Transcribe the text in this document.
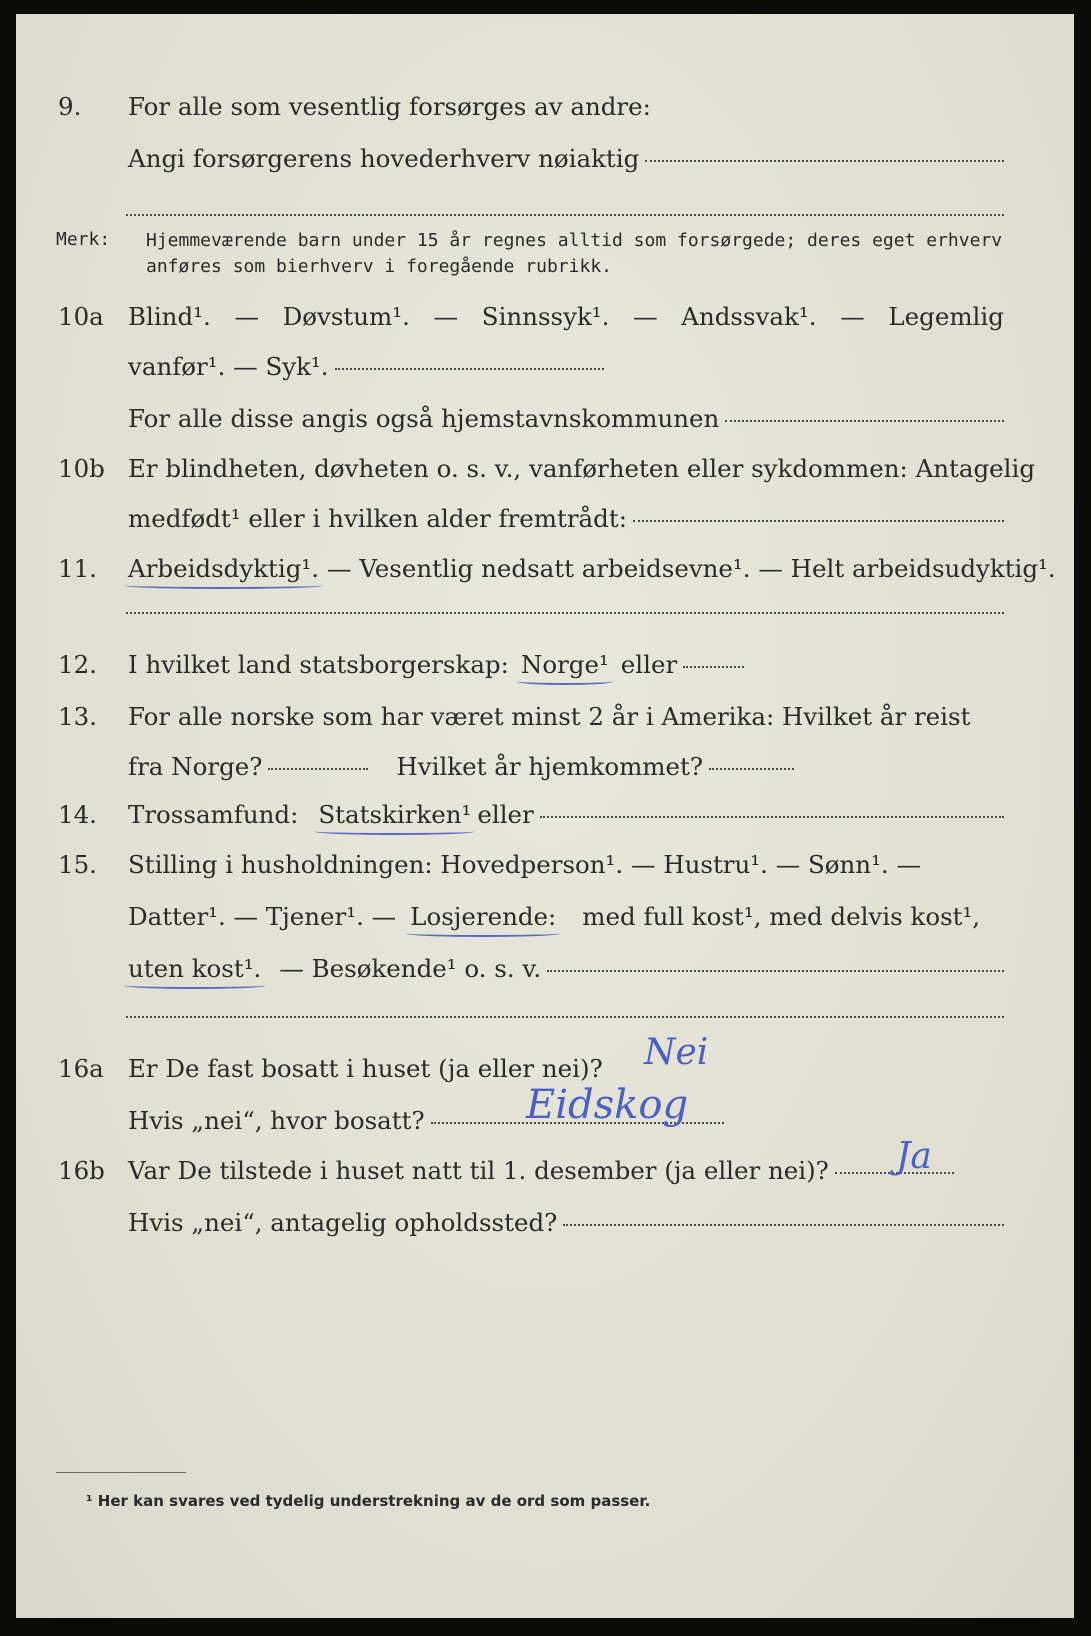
9. For alle som vesentlig forsørges av andre:
Angi forsørgerens hovederhverv nøiaktig
Merk: Hjemmeværende barn under 15 år regnes alltid som forsørgede; deres eget erhverv
anføres som bierhverv i foregående rubrikk.
10a Blind¹. — Døvstum¹. — Sinnssyk¹. — Andssvak¹. — Legemlig
vanfør¹. — Syk¹.
For alle disse angis også hjemstavnskommunen
10b Er blindheten, døvheten o. s. v., vanførheten eller sykdommen: Antagelig
medfødt¹ eller i hvilken alder fremtrådt:
11. Arbeidsdyktig¹. — Vesentlig nedsatt arbeidsevne¹. — Helt arbeidsudyktig¹.
12. I hvilket land statsborgerskap: Norge¹ eller
13. For alle norske som har været minst 2 år i Amerika: Hvilket år reist
fra Norge?	Hvilket år hjemkommet?
14. Trossamfund: Statskirken¹ eller
15. Stilling i husholdningen: Hovedperson¹. — Hustru¹. — Sønn¹. —
Datter¹. — Tjener¹. — Losjerende: med full kost¹, med delvis kost¹,
uten kost¹. — Besøkende¹ o. s. v.
16a Er De fast bosatt i huset (ja eller nei)? Nei
Hvis „nei“, hvor bosatt?	Eidskog
16b Var De tilstede i huset natt til 1. desember (ja eller nei)? Ja
Hvis „nei“, antagelig opholdssted?
¹ Her kan svares ved tydelig understrekning av de ord som passer.
